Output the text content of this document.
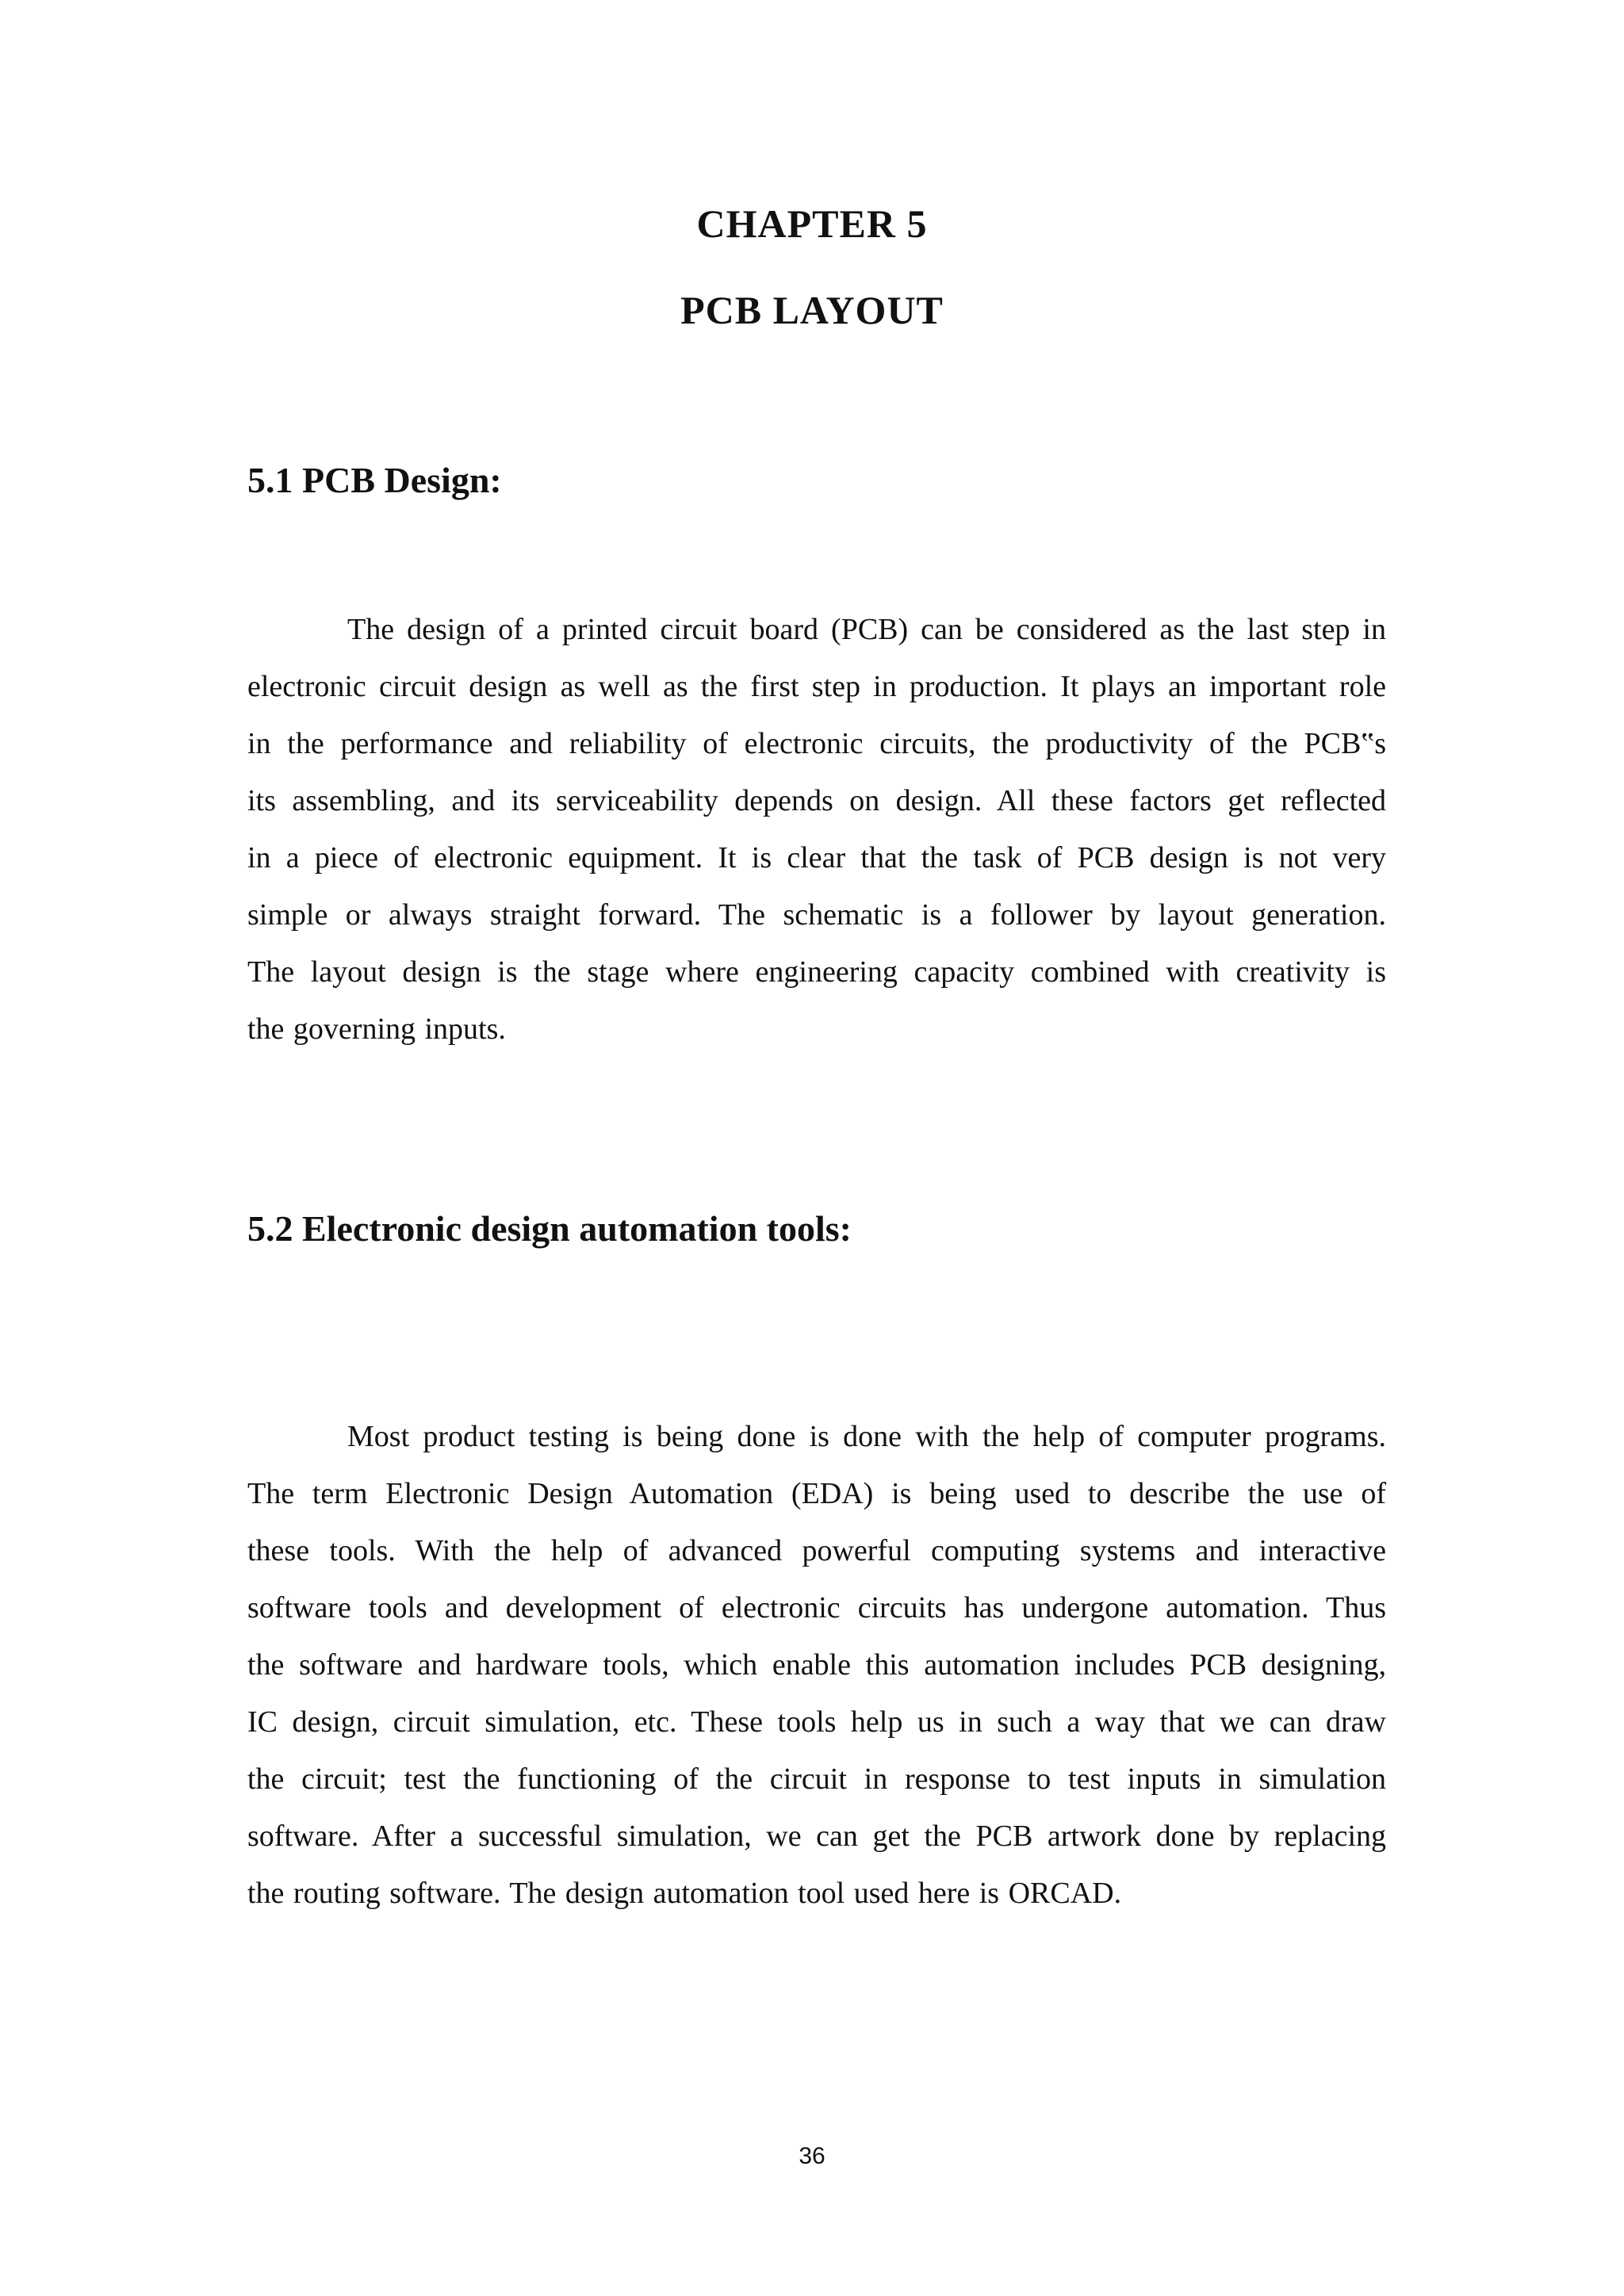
CHAPTER 5
PCB LAYOUT
5.1 PCB Design:
The design of a printed circuit board (PCB) can be considered as the last step in
electronic circuit design as well as the first step in production. It plays an important role
in the performance and reliability of electronic circuits, the productivity of the PCB‟s
its assembling, and its serviceability depends on design. All these factors get reflected
in a piece of electronic equipment. It is clear that the task of PCB design is not very
simple or always straight forward. The schematic is a follower by layout generation.
The layout design is the stage where engineering capacity combined with creativity is
the governing inputs.
5.2 Electronic design automation tools:
Most product testing is being done is done with the help of computer programs.
The term Electronic Design Automation (EDA) is being used to describe the use of
these tools. With the help of advanced powerful computing systems and interactive
software tools and development of electronic circuits has undergone automation. Thus
the software and hardware tools, which enable this automation includes PCB designing,
IC design, circuit simulation, etc. These tools help us in such a way that we can draw
the circuit; test the functioning of the circuit in response to test inputs in simulation
software. After a successful simulation, we can get the PCB artwork done by replacing
the routing software. The design automation tool used here is ORCAD.
36
